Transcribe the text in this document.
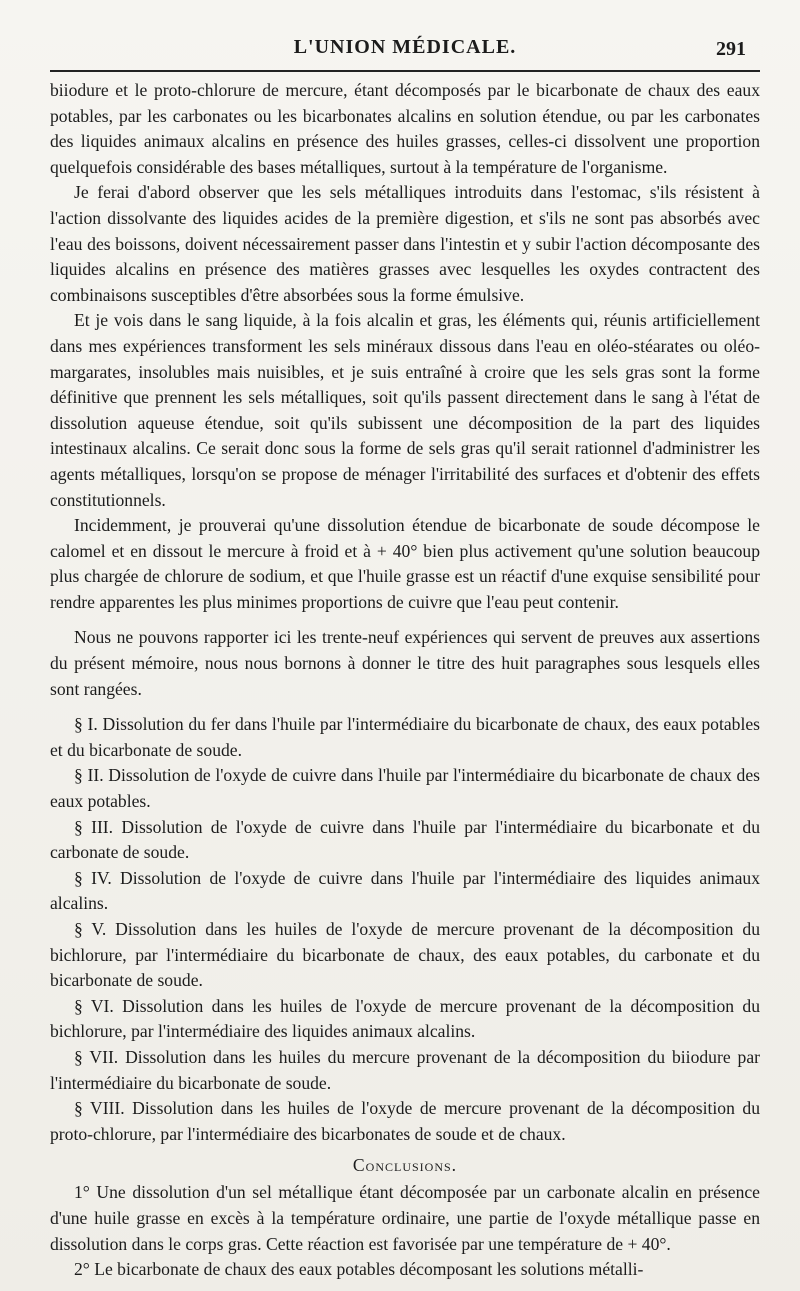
L'UNION MÉDICALE.	291

biiodure et le proto-chlorure de mercure, étant décomposés par le bicarbonate de chaux des eaux potables, par les carbonates ou les bicarbonates alcalins en solution étendue, ou par les carbonates des liquides animaux alcalins en présence des huiles grasses, celles-ci dissolvent une proportion quelquefois considérable des bases métalliques, surtout à la température de l'organisme.

Je ferai d'abord observer que les sels métalliques introduits dans l'estomac, s'ils résistent à l'action dissolvante des liquides acides de la première digestion, et s'ils ne sont pas absorbés avec l'eau des boissons, doivent nécessairement passer dans l'intestin et y subir l'action décomposante des liquides alcalins en présence des matières grasses avec lesquelles les oxydes contractent des combinaisons susceptibles d'être absorbées sous la forme émulsive.

Et je vois dans le sang liquide, à la fois alcalin et gras, les éléments qui, réunis artificiellement dans mes expériences transforment les sels minéraux dissous dans l'eau en oléo-stéarates ou oléo-margarates, insolubles mais nuisibles, et je suis entraîné à croire que les sels gras sont la forme définitive que prennent les sels métalliques, soit qu'ils passent directement dans le sang à l'état de dissolution aqueuse étendue, soit qu'ils subissent une décomposition de la part des liquides intestinaux alcalins. Ce serait donc sous la forme de sels gras qu'il serait rationnel d'administrer les agents métalliques, lorsqu'on se propose de ménager l'irritabilité des surfaces et d'obtenir des effets constitutionnels.

Incidemment, je prouverai qu'une dissolution étendue de bicarbonate de soude décompose le calomel et en dissout le mercure à froid et à + 40° bien plus activement qu'une solution beaucoup plus chargée de chlorure de sodium, et que l'huile grasse est un réactif d'une exquise sensibilité pour rendre apparentes les plus minimes proportions de cuivre que l'eau peut contenir.

Nous ne pouvons rapporter ici les trente-neuf expériences qui servent de preuves aux assertions du présent mémoire, nous nous bornons à donner le titre des huit paragraphes sous lesquels elles sont rangées.

§ I. Dissolution du fer dans l'huile par l'intermédiaire du bicarbonate de chaux, des eaux potables et du bicarbonate de soude.

§ II. Dissolution de l'oxyde de cuivre dans l'huile par l'intermédiaire du bicarbonate de chaux des eaux potables.

§ III. Dissolution de l'oxyde de cuivre dans l'huile par l'intermédiaire du bicarbonate et du carbonate de soude.

§ IV. Dissolution de l'oxyde de cuivre dans l'huile par l'intermédiaire des liquides animaux alcalins.

§ V. Dissolution dans les huiles de l'oxyde de mercure provenant de la décomposition du bichlorure, par l'intermédiaire du bicarbonate de chaux, des eaux potables, du carbonate et du bicarbonate de soude.

§ VI. Dissolution dans les huiles de l'oxyde de mercure provenant de la décomposition du bichlorure, par l'intermédiaire des liquides animaux alcalins.

§ VII. Dissolution dans les huiles du mercure provenant de la décomposition du biiodure par l'intermédiaire du bicarbonate de soude.

§ VIII. Dissolution dans les huiles de l'oxyde de mercure provenant de la décomposition du proto-chlorure, par l'intermédiaire des bicarbonates de soude et de chaux.

Conclusions.

1° Une dissolution d'un sel métallique étant décomposée par un carbonate alcalin en présence d'une huile grasse en excès à la température ordinaire, une partie de l'oxyde métallique passe en dissolution dans le corps gras. Cette réaction est favorisée par une température de + 40°.

2° Le bicarbonate de chaux des eaux potables décomposant les solutions métalli-
